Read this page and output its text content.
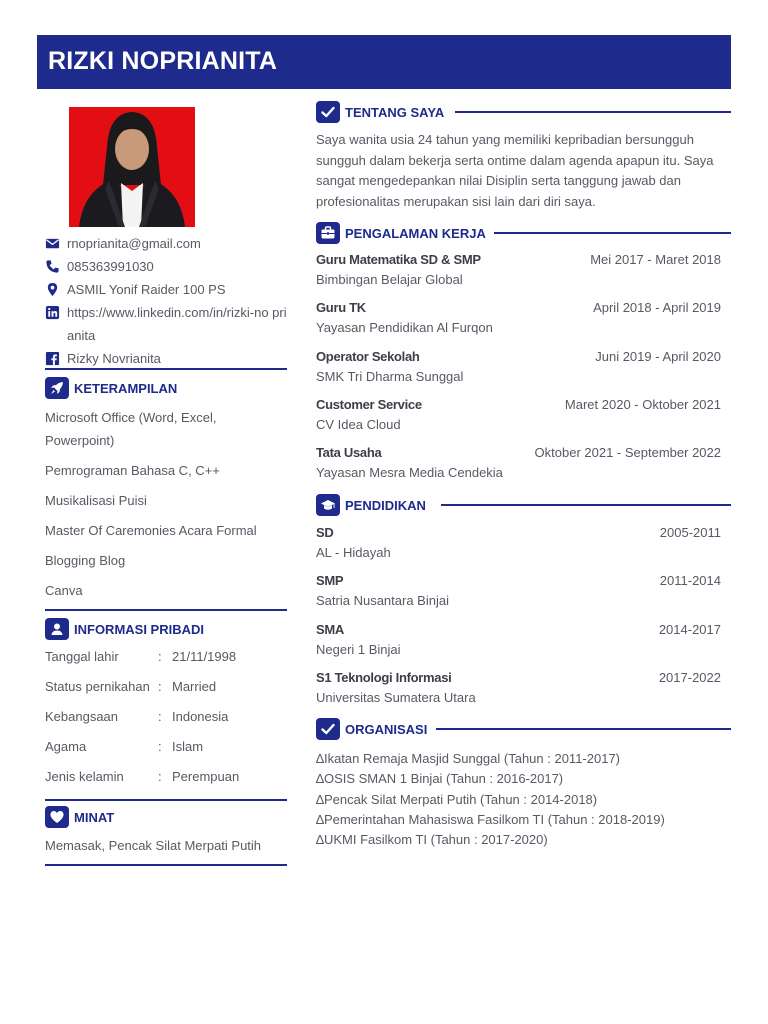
RIZKI NOPRIANITA
rnoprianita@gmail.com
085363991030
ASMIL Yonif Raider 100 PS
https://www.linkedin.com/in/rizki-no prianita
Rizky Novrianita
KETERAMPILAN
Microsoft Office (Word, Excel, Powerpoint)
Pemrograman Bahasa C, C++
Musikalisasi Puisi
Master Of Caremonies Acara Formal
Blogging Blog
Canva
INFORMASI PRIBADI
Tanggal lahir	: 21/11/1998
Status pernikahan : Married
Kebangsaan	: Indonesia
Agama	: Islam
Jenis kelamin	: Perempuan
MINAT
Memasak, Pencak Silat Merpati Putih
TENTANG SAYA
Saya wanita usia 24 tahun yang memiliki kepribadian bersungguh sungguh dalam bekerja serta ontime dalam agenda apapun itu. Saya sangat mengedepankan nilai Disiplin serta tanggung jawab dan profesionalitas merupakan sisi lain dari diri saya.
PENGALAMAN KERJA
Guru Matematika SD & SMP	Mei 2017 - Maret 2018
Bimbingan Belajar Global
Guru TK	April 2018 - April 2019
Yayasan Pendidikan Al Furqon
Operator Sekolah	Juni 2019 - April 2020
SMK Tri Dharma Sunggal
Customer Service	Maret 2020 - Oktober 2021
CV Idea Cloud
Tata Usaha	Oktober 2021 - September 2022
Yayasan Mesra Media Cendekia
PENDIDIKAN
SD	2005-2011
AL - Hidayah
SMP	2011-2014
Satria Nusantara Binjai
SMA	2014-2017
Negeri 1 Binjai
S1 Teknologi Informasi	2017-2022
Universitas Sumatera Utara
ORGANISASI
∆Ikatan Remaja Masjid Sunggal (Tahun : 2011-2017)
∆OSIS SMAN 1 Binjai (Tahun : 2016-2017)
∆Pencak Silat Merpati Putih (Tahun : 2014-2018)
∆Pemerintahan Mahasiswa Fasilkom TI (Tahun : 2018-2019)
∆UKMI Fasilkom TI (Tahun : 2017-2020)
